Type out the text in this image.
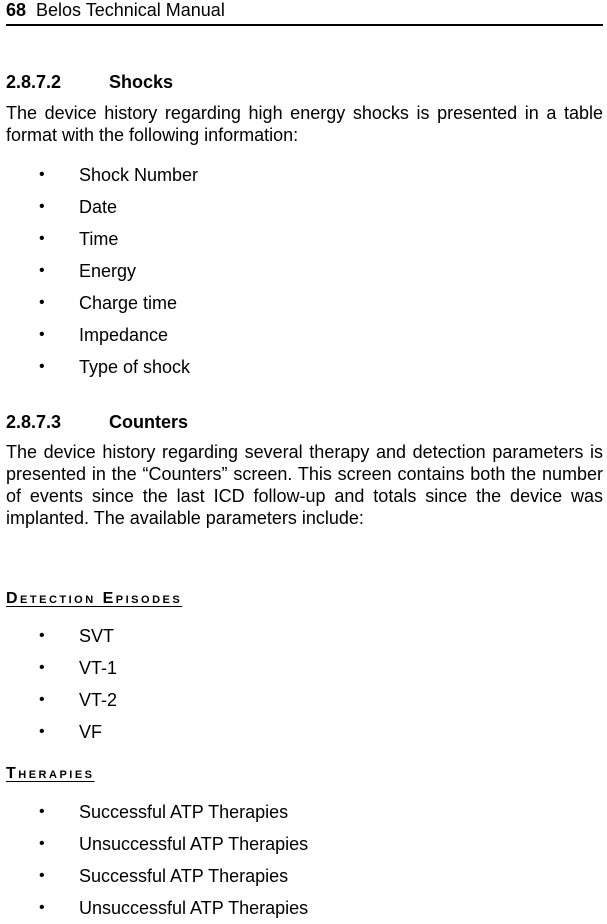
68 Belos Technical Manual
2.8.7.2	Shocks

The device history regarding high energy shocks is presented in a table format with the following information:

• Shock Number
• Date
• Time
• Energy
• Charge time
• Impedance
• Type of shock
2.8.7.3	Counters

The device history regarding several therapy and detection parameters is presented in the “Counters” screen. This screen contains both the number of events since the last ICD follow-up and totals since the device was implanted. The available parameters include:

Detection Episodes
• SVT
• VT-1
• VT-2
• VF
Therapies
• Successful ATP Therapies
• Unsuccessful ATP Therapies
• Successful ATP Therapies
• Unsuccessful ATP Therapies
